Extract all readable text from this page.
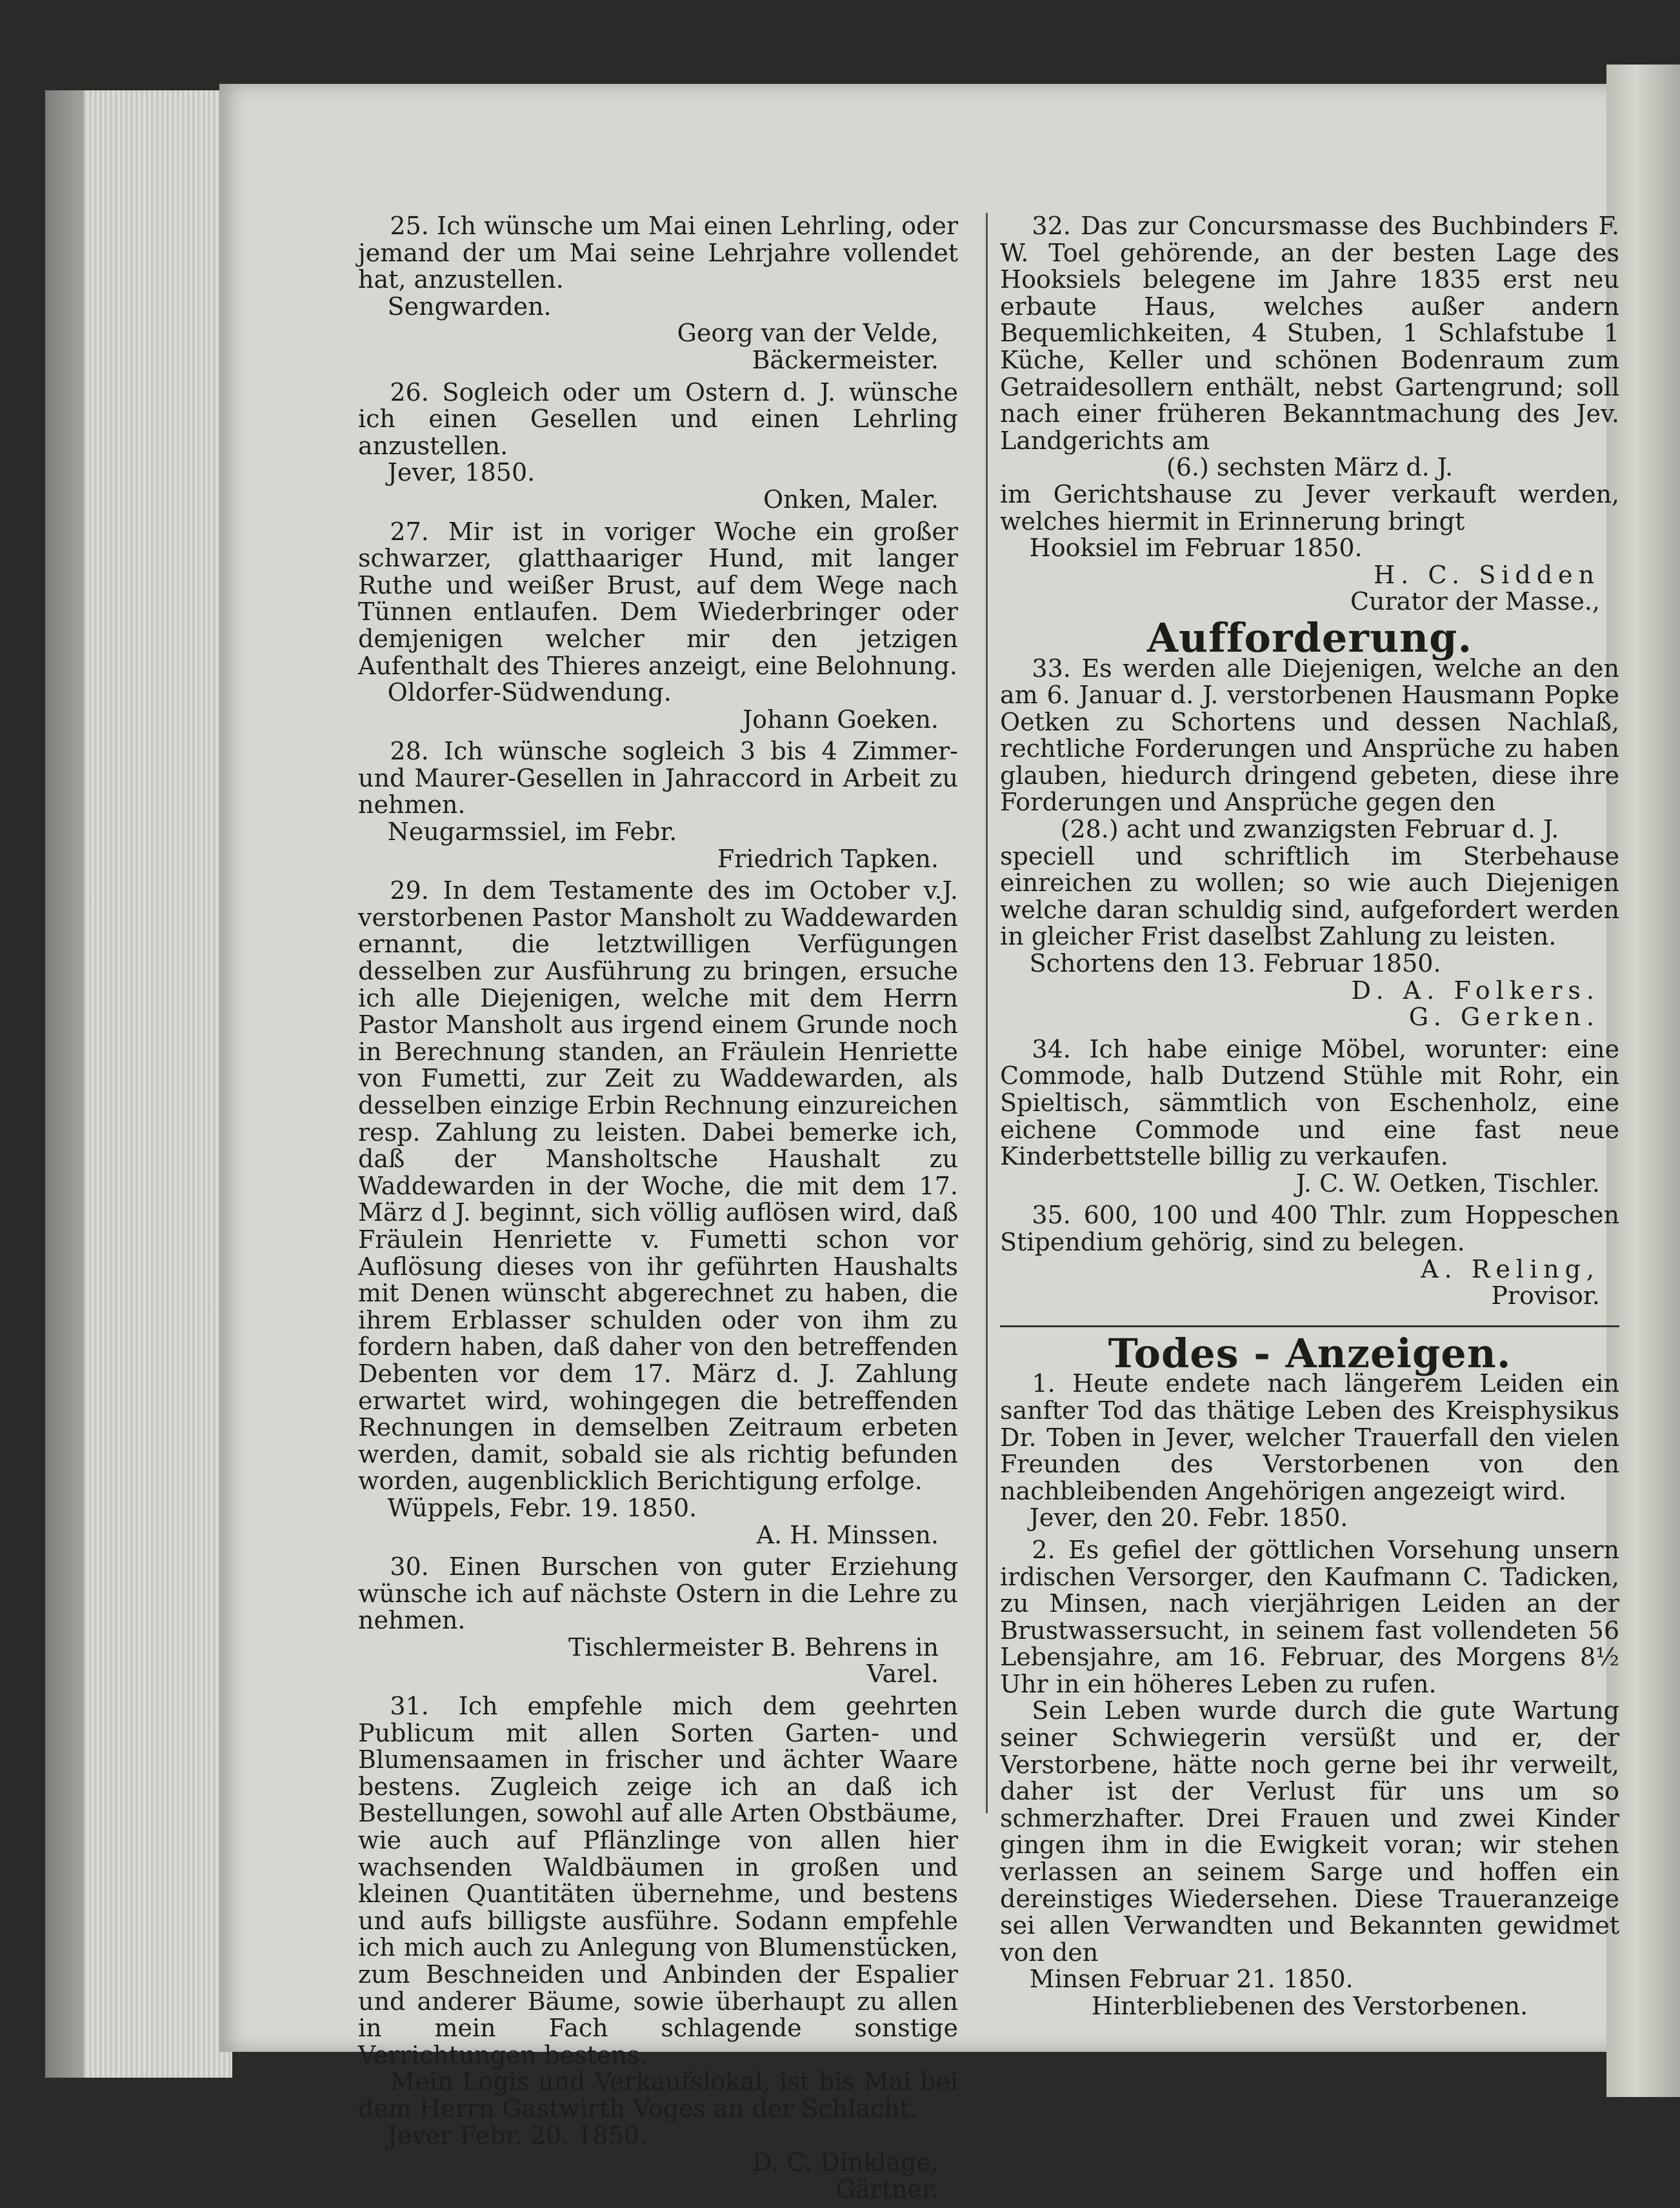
25. Ich wünsche um Mai einen Lehrling, oder jemand der um Mai seine Lehrjahre vollendet hat, anzustellen.

Sengwarden.
Georg van der Velde,
Bäckermeister.

26. Sogleich oder um Ostern d. J. wünsche ich einen Gesellen und einen Lehrling anzustellen.

Jever, 1850.
Onken, Maler.

27. Mir ist in voriger Woche ein großer schwarzer, glatthaariger Hund, mit langer Ruthe und weißer Brust, auf dem Wege nach Tünnen entlaufen. Dem Wiederbringer oder demjenigen welcher mir den jetzigen Aufenthalt des Thieres anzeigt, eine Belohnung.

Oldorfer-Südwendung.
Johann Goeken.

28. Ich wünsche sogleich 3 bis 4 Zimmer- und Maurer-Gesellen in Jahraccord in Arbeit zu nehmen.

Neugarmssiel, im Febr.
Friedrich Tapken.

29. In dem Testamente des im October v.J. verstorbenen Pastor Mansholt zu Waddewarden ernannt, die letztwilligen Verfügungen desselben zur Ausführung zu bringen, ersuche ich alle Diejenigen, welche mit dem Herrn Pastor Mansholt aus irgend einem Grunde noch in Berechnung standen, an Fräulein Henriette von Fumetti, zur Zeit zu Waddewarden, als desselben einzige Erbin Rechnung einzureichen resp. Zahlung zu leisten. Dabei bemerke ich, daß der Mansholtsche Haushalt zu Waddewarden in der Woche, die mit dem 17. März d J. beginnt, sich völlig auflösen wird, daß Fräulein Henriette v. Fumetti schon vor Auflösung dieses von ihr geführten Haushalts mit Denen wünscht abgerechnet zu haben, die ihrem Erblasser schulden oder von ihm zu fordern haben, daß daher von den betreffenden Debenten vor dem 17. März d. J. Zahlung erwartet wird, wohingegen die betreffenden Rechnungen in demselben Zeitraum erbeten werden, damit, sobald sie als richtig befunden worden, augenblicklich Berichtigung erfolge.

Wüppels, Febr. 19. 1850.
A. H. Minssen.

30. Einen Burschen von guter Erziehung wünsche ich auf nächste Ostern in die Lehre zu nehmen.

Tischlermeister B. Behrens in
Varel.

31. Ich empfehle mich dem geehrten Publicum mit allen Sorten Garten- und Blumensaamen in frischer und ächter Waare bestens. Zugleich zeige ich an daß ich Bestellungen, sowohl auf alle Arten Obstbäume, wie auch auf Pflänzlinge von allen hier wachsenden Waldbäumen in großen und kleinen Quantitäten übernehme, und bestens und aufs billigste ausführe. Sodann empfehle ich mich auch zu Anlegung von Blumenstücken, zum Beschneiden und Anbinden der Espalier und anderer Bäume, sowie überhaupt zu allen in mein Fach schlagende sonstige Verrichtungen bestens.

Mein Logis und Verkaufslokal, ist bis Mai bei dem Herrn Gastwirth Voges an der Schlacht.

Jever Febr. 20. 1850.
D. C. Dinklage,
Gärtner.

32. Das zur Concursmasse des Buchbinders F. W. Toel gehörende, an der besten Lage des Hooksiels belegene im Jahre 1835 erst neu erbaute Haus, welches außer andern Bequemlichkeiten, 4 Stuben, 1 Schlafstube 1 Küche, Keller und schönen Bodenraum zum Getraidesollern enthält, nebst Gartengrund; soll nach einer früheren Bekanntmachung des Jev. Landgerichts am

(6.) sechsten März d. J.
im Gerichtshause zu Jever verkauft werden, welches hiermit in Erinnerung bringt
Hooksiel im Februar 1850.
H. C. Sidden
Curator der Masse.,
Aufforderung.

33. Es werden alle Diejenigen, welche an den am 6. Januar d. J. verstorbenen Hausmann Popke Oetken zu Schortens und dessen Nachlaß, rechtliche Forderungen und Ansprüche zu haben glauben, hiedurch dringend gebeten, diese ihre Forderungen und Ansprüche gegen den

(28.) acht und zwanzigsten Februar d. J.
speciell und schriftlich im Sterbehause einreichen zu wollen; so wie auch Diejenigen welche daran schuldig sind, aufgefordert werden in gleicher Frist daselbst Zahlung zu leisten.
Schortens den 13. Februar 1850.
D. A. Folkers.
G. Gerken.

34. Ich habe einige Möbel, worunter: eine Commode, halb Dutzend Stühle mit Rohr, ein Spieltisch, sämmtlich von Eschenholz, eine eichene Commode und eine fast neue Kinderbettstelle billig zu verkaufen.

J. C. W. Oetken, Tischler.

35. 600, 100 und 400 Thlr. zum Hoppeschen Stipendium gehörig, sind zu belegen.

A. Reling,
Provisor.
Todes - Anzeigen.

1. Heute endete nach längerem Leiden ein sanfter Tod das thätige Leben des Kreisphysikus Dr. Toben in Jever, welcher Trauerfall den vielen Freunden des Verstorbenen von den nachbleibenden Angehörigen angezeigt wird.

Jever, den 20. Febr. 1850.

2. Es gefiel der göttlichen Vorsehung unsern irdischen Versorger, den Kaufmann C. Tadicken, zu Minsen, nach vierjährigen Leiden an der Brustwassersucht, in seinem fast vollendeten 56 Lebensjahre, am 16. Februar, des Morgens 8½ Uhr in ein höheres Leben zu rufen.

Sein Leben wurde durch die gute Wartung seiner Schwiegerin versüßt und er, der Verstorbene, hätte noch gerne bei ihr verweilt, daher ist der Verlust für uns um so schmerzhafter. Drei Frauen und zwei Kinder gingen ihm in die Ewigkeit voran; wir stehen verlassen an seinem Sarge und hoffen ein dereinstiges Wiedersehen. Diese Traueranzeige sei allen Verwandten und Bekannten gewidmet von den

Minsen Februar 21. 1850.
Hinterbliebenen des Verstorbenen.
